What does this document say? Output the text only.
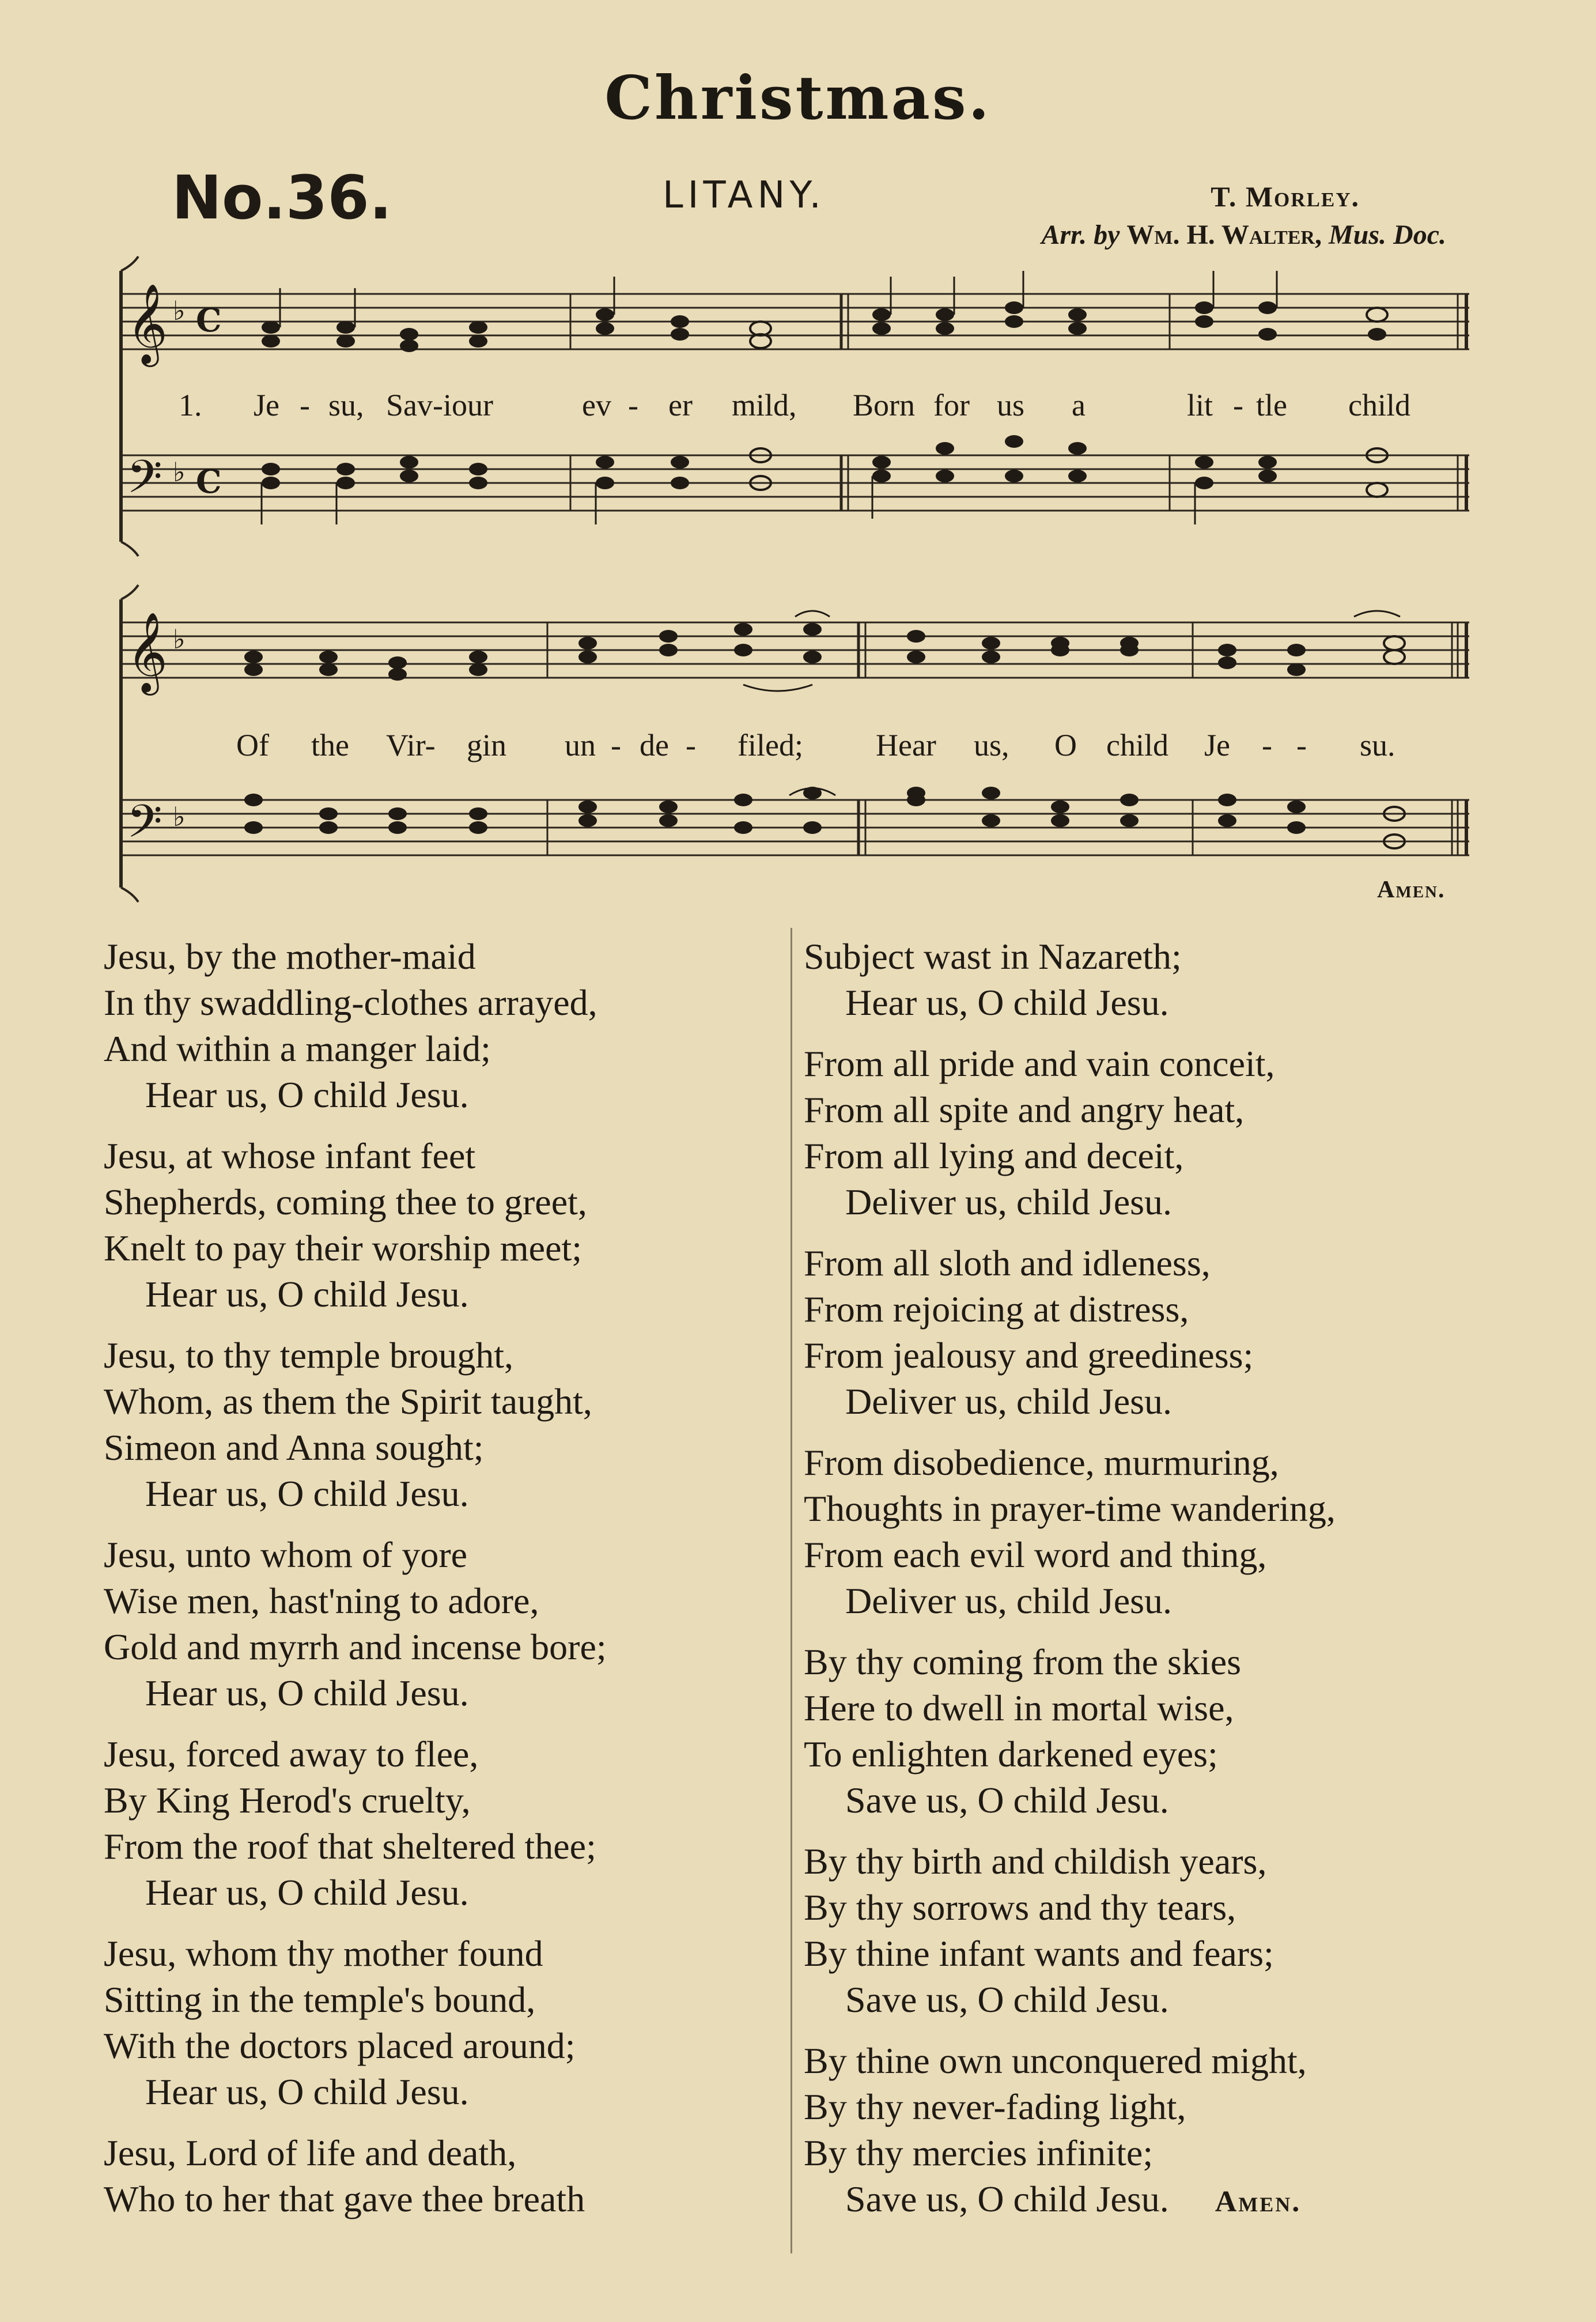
Christmas.
No.36.	LITANY.	T. Morley.
Arr. by Wm. H. Walter, Mus. Doc.
𝄞
𝄢
♭
♭
C
C
1. Je - su, Sav-iour	ev - er mild, Born for us a	lit - tle child
𝄞
𝄢
♭
♭
Of the Vir- gin un - de - filed; Hear us, O child Je - - su.
Amen.
Jesu, by the mother-maid
In thy swaddling-clothes arrayed,
And within a manger laid;
Hear us, O child Jesu.
Jesu, at whose infant feet
Shepherds, coming thee to greet,
Knelt to pay their worship meet;
Hear us, O child Jesu.
Jesu, to thy temple brought,
Whom, as them the Spirit taught,
Simeon and Anna sought;
Hear us, O child Jesu.
Jesu, unto whom of yore
Wise men, hast'ning to adore,
Gold and myrrh and incense bore;
Hear us, O child Jesu.
Jesu, forced away to flee,
By King Herod's cruelty,
From the roof that sheltered thee;
Hear us, O child Jesu.
Jesu, whom thy mother found
Sitting in the temple's bound,
With the doctors placed around;
Hear us, O child Jesu.
Jesu, Lord of life and death,
Who to her that gave thee breath
Subject wast in Nazareth;
Hear us, O child Jesu.
From all pride and vain conceit,
From all spite and angry heat,
From all lying and deceit,
Deliver us, child Jesu.
From all sloth and idleness,
From rejoicing at distress,
From jealousy and greediness;
Deliver us, child Jesu.
From disobedience, murmuring,
Thoughts in prayer-time wandering,
From each evil word and thing,
Deliver us, child Jesu.
By thy coming from the skies
Here to dwell in mortal wise,
To enlighten darkened eyes;
Save us, O child Jesu.
By thy birth and childish years,
By thy sorrows and thy tears,
By thine infant wants and fears;
Save us, O child Jesu.
By thine own unconquered might,
By thy never-fading light,
By thy mercies infinite;
Save us, O child Jesu. Amen.
